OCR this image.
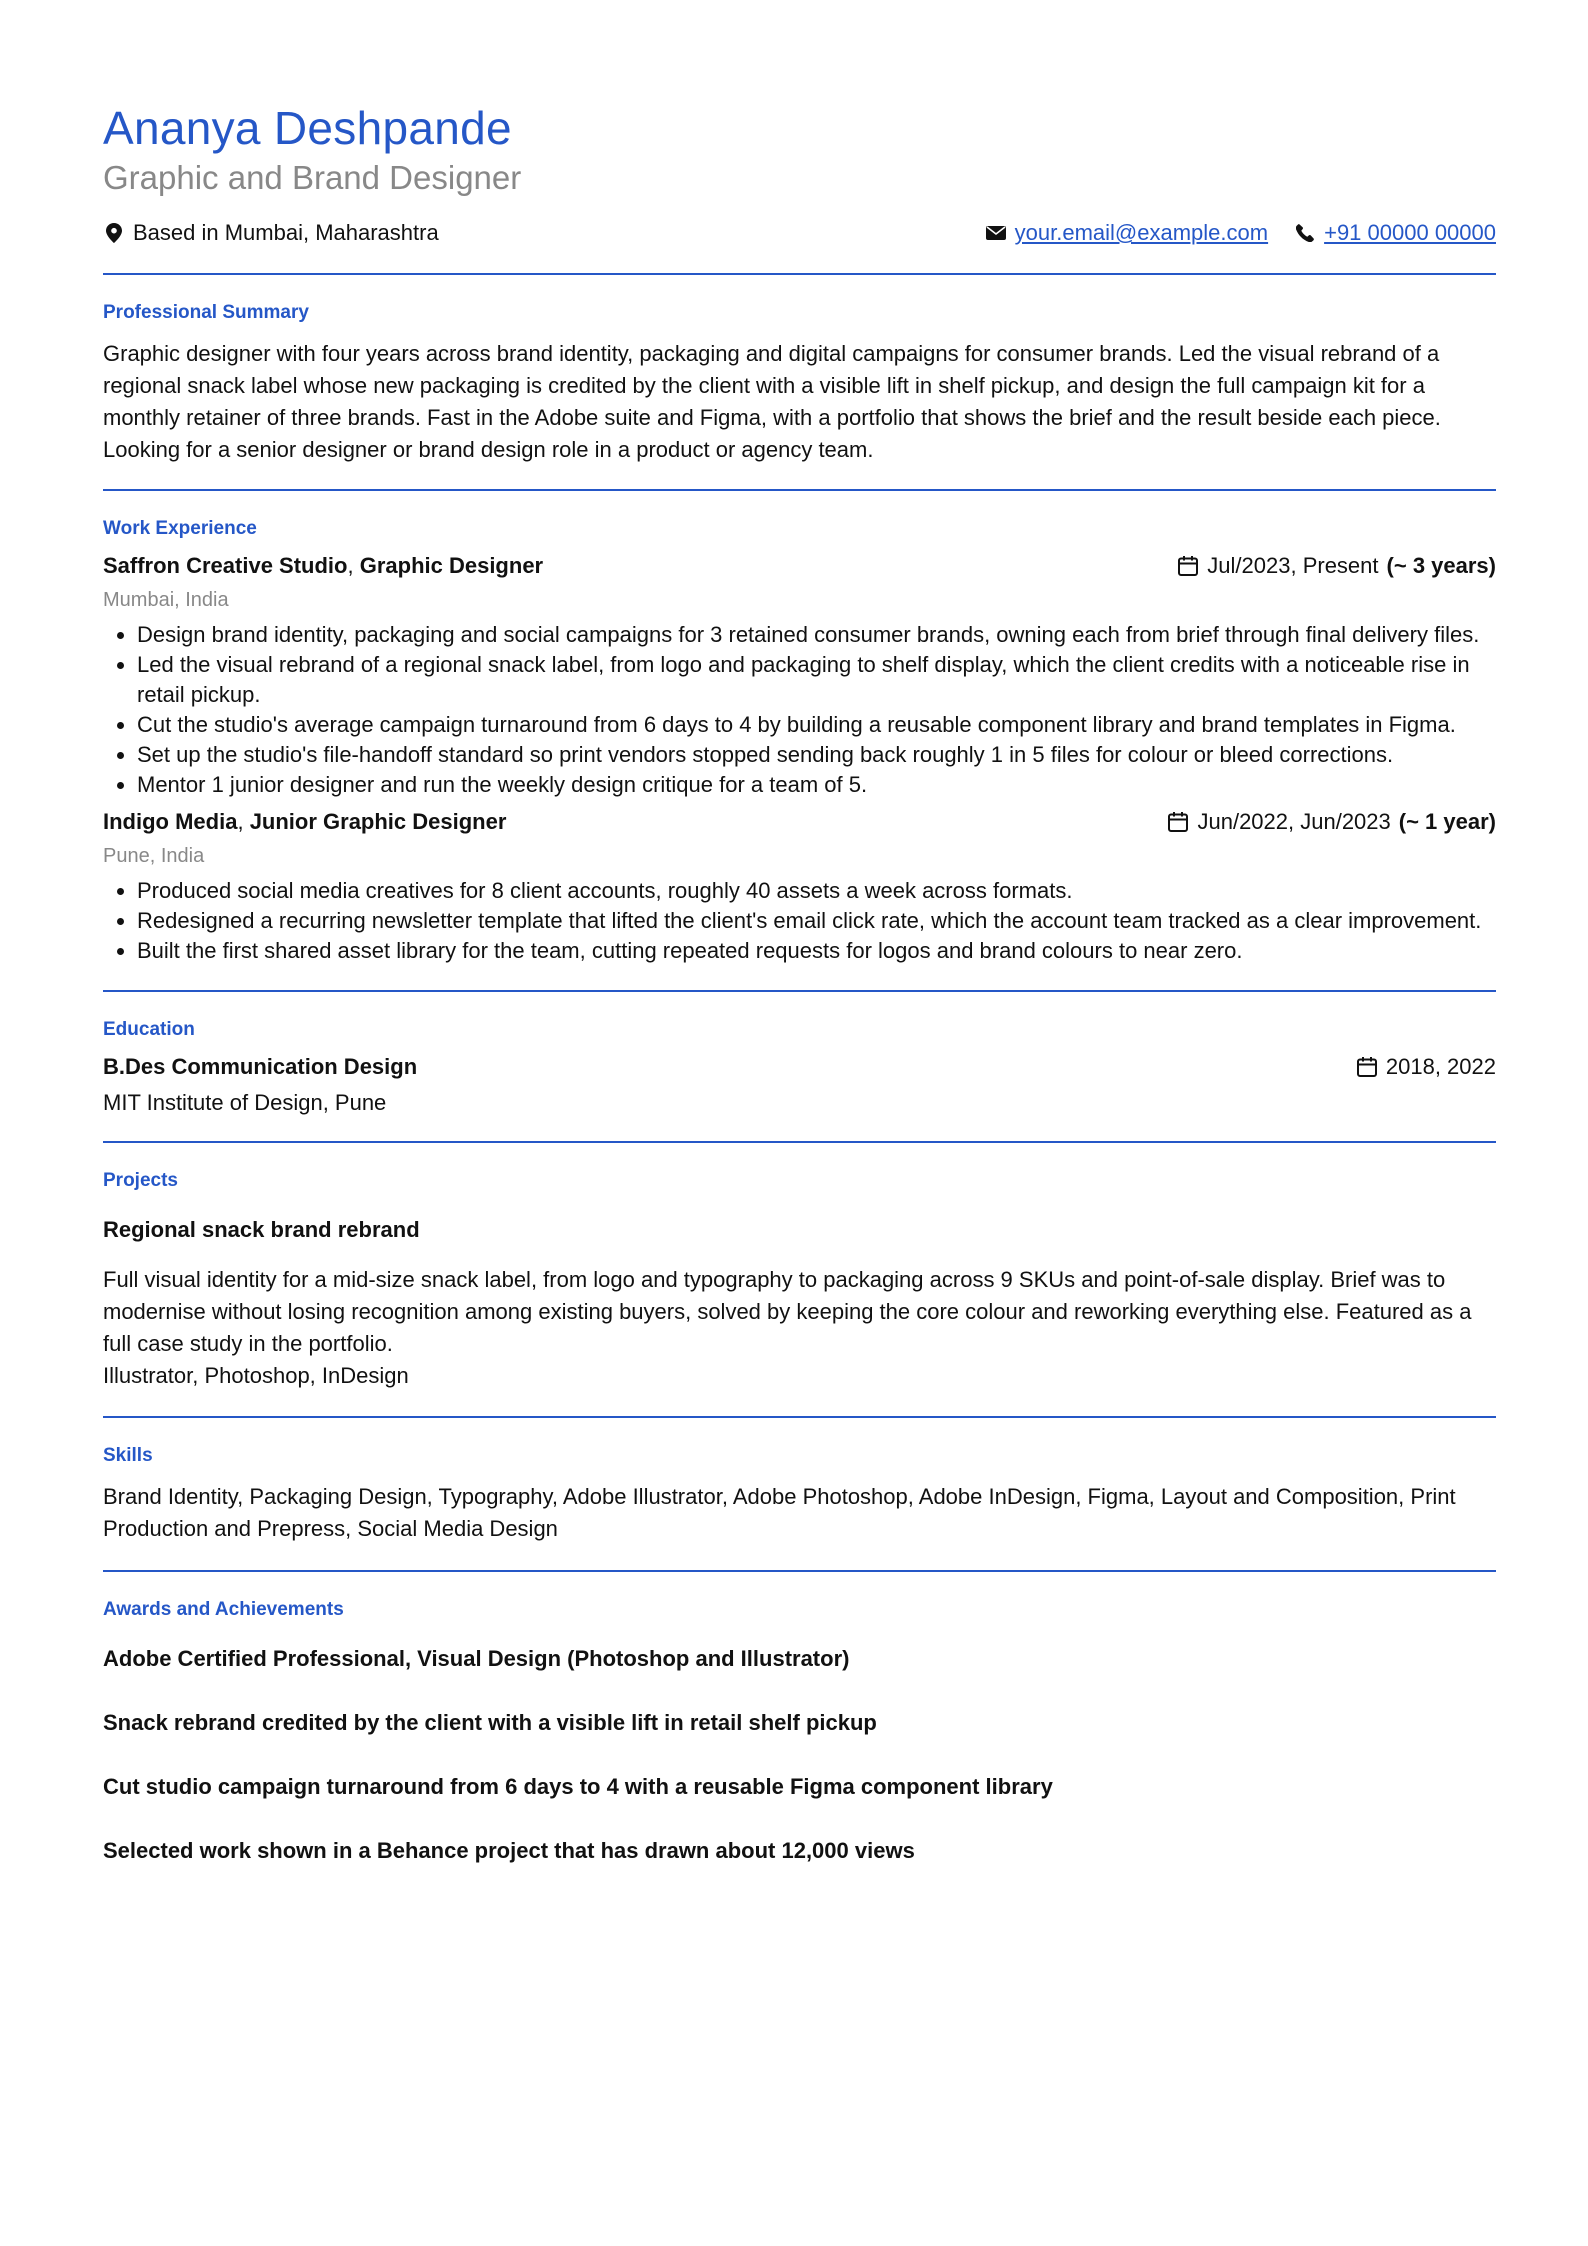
Ananya Deshpande
Graphic and Brand Designer
Based in Mumbai, Maharashtra	your.email@example.com	+91 00000 00000
Professional Summary

Graphic designer with four years across brand identity, packaging and digital campaigns for consumer brands. Led the visual rebrand of a regional snack label whose new packaging is credited by the client with a visible lift in shelf pickup, and design the full campaign kit for a monthly retainer of three brands. Fast in the Adobe suite and Figma, with a portfolio that shows the brief and the result beside each piece. Looking for a senior designer or brand design role in a product or agency team.

Work Experience
Saffron Creative Studio, Graphic Designer	Jul/2023, Present (~ 3 years)
Mumbai, India
• Design brand identity, packaging and social campaigns for 3 retained consumer brands, owning each from brief through final delivery files.
• Led the visual rebrand of a regional snack label, from logo and packaging to shelf display, which the client credits with a noticeable rise in retail pickup.
• Cut the studio's average campaign turnaround from 6 days to 4 by building a reusable component library and brand templates in Figma.
• Set up the studio's file-handoff standard so print vendors stopped sending back roughly 1 in 5 files for colour or bleed corrections.
• Mentor 1 junior designer and run the weekly design critique for a team of 5.
Indigo Media, Junior Graphic Designer	Jun/2022, Jun/2023 (~ 1 year)
Pune, India
• Produced social media creatives for 8 client accounts, roughly 40 assets a week across formats.
• Redesigned a recurring newsletter template that lifted the client's email click rate, which the account team tracked as a clear improvement.
• Built the first shared asset library for the team, cutting repeated requests for logos and brand colours to near zero.
Education
B.Des Communication Design	2018, 2022
MIT Institute of Design, Pune
Projects
Regional snack brand rebrand

Full visual identity for a mid-size snack label, from logo and typography to packaging across 9 SKUs and point-of-sale display. Brief was to modernise without losing recognition among existing buyers, solved by keeping the core colour and reworking everything else. Featured as a full case study in the portfolio.

Illustrator, Photoshop, InDesign
Skills

Brand Identity, Packaging Design, Typography, Adobe Illustrator, Adobe Photoshop, Adobe InDesign, Figma, Layout and Composition, Print Production and Prepress, Social Media Design

Awards and Achievements

Adobe Certified Professional, Visual Design (Photoshop and Illustrator)

Snack rebrand credited by the client with a visible lift in retail shelf pickup

Cut studio campaign turnaround from 6 days to 4 with a reusable Figma component library

Selected work shown in a Behance project that has drawn about 12,000 views
